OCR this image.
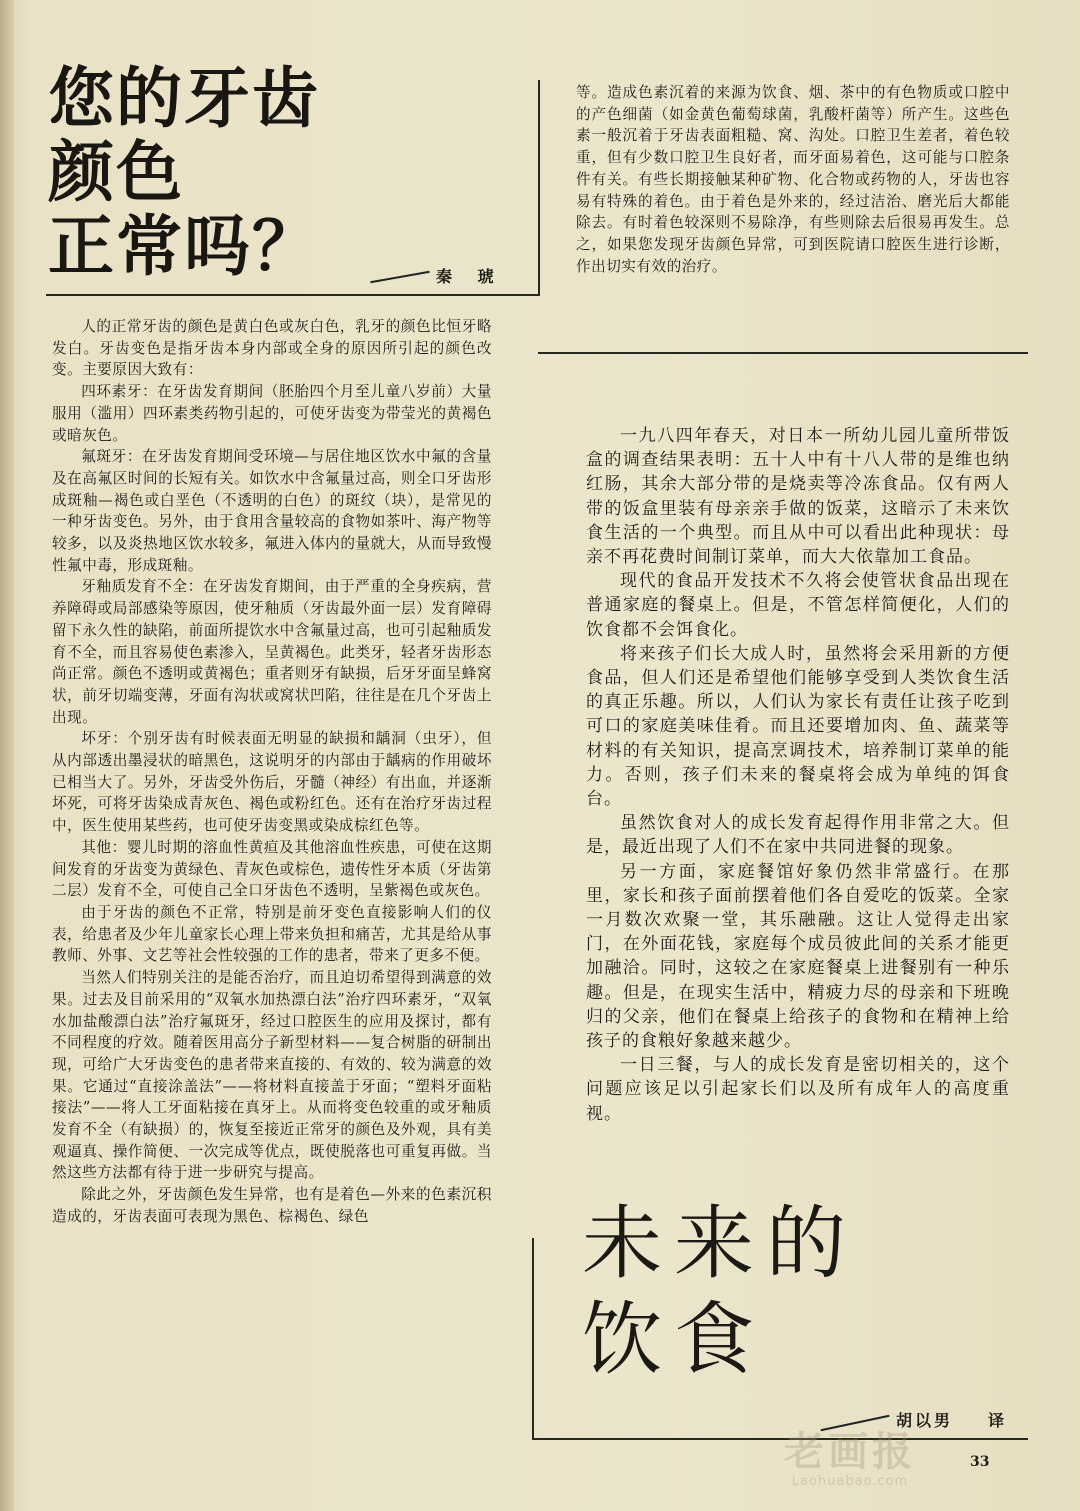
您的牙齿
颜色
正常吗？	秦 琥

人的正常牙齿的颜色是黄白色或灰白色，乳牙的颜色比恒牙略发白。牙齿变色是指牙齿本身内部或全身的原因所引起的颜色改变。主要原因大致有：

四环素牙：在牙齿发育期间（胚胎四个月至儿童八岁前）大量服用（滥用）四环素类药物引起的，可使牙齿变为带莹光的黄褐色或暗灰色。

氟斑牙：在牙齿发育期间受环境—与居住地区饮水中氟的含量及在高氟区时间的长短有关。如饮水中含氟量过高，则全口牙齿形成斑釉—褐色或白垩色（不透明的白色）的斑纹（块），是常见的一种牙齿变色。另外，由于食用含量较高的食物如茶叶、海产物等较多，以及炎热地区饮水较多，氟进入体内的量就大，从而导致慢性氟中毒，形成斑釉。

牙釉质发育不全：在牙齿发育期间，由于严重的全身疾病，营养障碍或局部感染等原因，使牙釉质（牙齿最外面一层）发育障碍留下永久性的缺陷，前面所提饮水中含氟量过高，也可引起釉质发育不全，而且容易使色素渗入，呈黄褐色。此类牙，轻者牙齿形态尚正常。颜色不透明或黄褐色；重者则牙有缺损，后牙牙面呈蜂窝状，前牙切端变薄，牙面有沟状或窝状凹陷，往往是在几个牙齿上出现。

坏牙：个别牙齿有时候表面无明显的缺损和龋洞（虫牙），但从内部透出墨浸状的暗黑色，这说明牙的内部由于龋病的作用破坏已相当大了。另外，牙齿受外伤后，牙髓（神经）有出血，并逐渐坏死，可将牙齿染成青灰色、褐色或粉红色。还有在治疗牙齿过程中，医生使用某些药，也可使牙齿变黑或染成棕红色等。

其他：婴儿时期的溶血性黄疸及其他溶血性疾患，可使在这期间发育的牙齿变为黄绿色、青灰色或棕色，遗传性牙本质（牙齿第二层）发育不全，可使自己全口牙齿色不透明，呈紫褐色或灰色。

由于牙齿的颜色不正常，特别是前牙变色直接影响人们的仪表，给患者及少年儿童家长心理上带来负担和痛苦，尤其是给从事教师、外事、文艺等社会性较强的工作的患者，带来了更多不便。

当然人们特别关注的是能否治疗，而且迫切希望得到满意的效果。过去及目前采用的“双氧水加热漂白法”治疗四环素牙，“双氧水加盐酸漂白法”治疗氟斑牙，经过口腔医生的应用及探讨，都有不同程度的疗效。随着医用高分子新型材料——复合树脂的研制出现，可给广大牙齿变色的患者带来直接的、有效的、较为满意的效果。它通过“直接涂盖法”——将材料直接盖于牙面；“塑料牙面粘接法”——将人工牙面粘接在真牙上。从而将变色较重的或牙釉质发育不全（有缺损）的，恢复至接近正常牙的颜色及外观，具有美观逼真、操作简便、一次完成等优点，既使脱落也可重复再做。当然这些方法都有待于进一步研究与提高。

除此之外，牙齿颜色发生异常，也有是着色—外来的色素沉积造成的，牙齿表面可表现为黑色、棕褐色、绿色

等。造成色素沉着的来源为饮食、烟、茶中的有色物质或口腔中的产色细菌（如金黄色葡萄球菌，乳酸杆菌等）所产生。这些色素一般沉着于牙齿表面粗糙、窝、沟处。口腔卫生差者，着色较重，但有少数口腔卫生良好者，而牙面易着色，这可能与口腔条件有关。有些长期接触某种矿物、化合物或药物的人，牙齿也容易有特殊的着色。由于着色是外来的，经过洁治、磨光后大都能除去。有时着色较深则不易除净，有些则除去后很易再发生。总之，如果您发现牙齿颜色异常，可到医院请口腔医生进行诊断，作出切实有效的治疗。

一九八四年春天，对日本一所幼儿园儿童所带饭盒的调查结果表明：五十人中有十八人带的是维也纳红肠，其余大部分带的是烧卖等冷冻食品。仅有两人带的饭盒里装有母亲亲手做的饭菜，这暗示了未来饮食生活的一个典型。而且从中可以看出此种现状：母亲不再花费时间制订菜单，而大大依靠加工食品。

现代的食品开发技术不久将会使管状食品出现在普通家庭的餐桌上。但是，不管怎样简便化，人们的饮食都不会饵食化。

将来孩子们长大成人时，虽然将会采用新的方便食品，但人们还是希望他们能够享受到人类饮食生活的真正乐趣。所以，人们认为家长有责任让孩子吃到可口的家庭美味佳肴。而且还要增加肉、鱼、蔬菜等材料的有关知识，提高烹调技术，培养制订菜单的能力。否则，孩子们未来的餐桌将会成为单纯的饵食台。

虽然饮食对人的成长发育起得作用非常之大。但是，最近出现了人们不在家中共同进餐的现象。

另一方面，家庭餐馆好象仍然非常盛行。在那里，家长和孩子面前摆着他们各自爱吃的饭菜。全家一月数次欢聚一堂，其乐融融。这让人觉得走出家门，在外面花钱，家庭每个成员彼此间的关系才能更加融洽。同时，这较之在家庭餐桌上进餐别有一种乐趣。但是，在现实生活中，精疲力尽的母亲和下班晚归的父亲，他们在餐桌上给孩子的食物和在精神上给孩子的食粮好象越来越少。

一日三餐，与人的成长发育是密切相关的，这个问题应该足以引起家长们以及所有成年人的高度重视。

未来的
饮食
胡以男 译
老画报
Laohuabao.com
33
